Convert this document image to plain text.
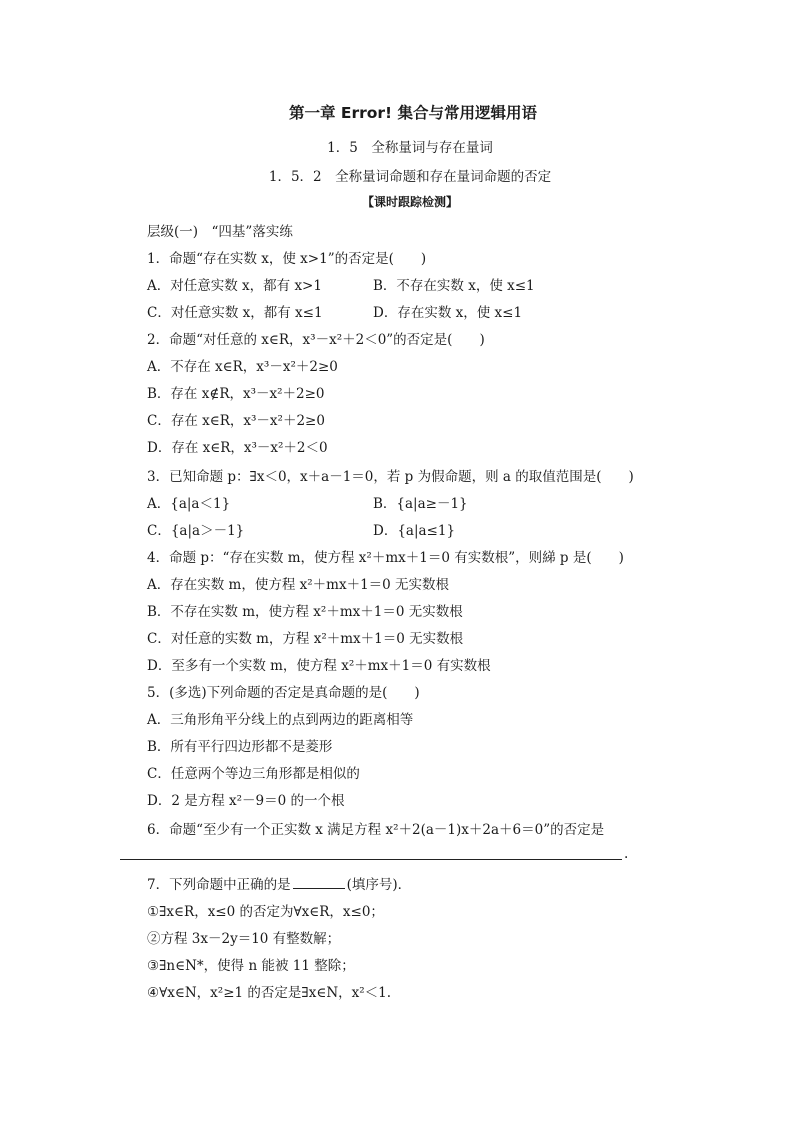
第一章 Error! 集合与常用逻辑用语
1．5　全称量词与存在量词
1．5．2　全称量词命题和存在量词命题的否定
【课时跟踪检测】
层级(一)　“四基”落实练
1．命题“存在实数 x，使 x>1”的否定是(　　)
A．对任意实数 x，都有 x>1	B．不存在实数 x，使 x≤1
C．对任意实数 x，都有 x≤1	D．存在实数 x，使 x≤1
2．命题“对任意的 x∈R，x³－x²＋2＜0”的否定是(　　)
A．不存在 x∈R，x³－x²＋2≥0
B．存在 x∉R，x³－x²＋2≥0
C．存在 x∈R，x³－x²＋2≥0
D．存在 x∈R，x³－x²＋2＜0
3．已知命题 p：∃x＜0，x＋a－1＝0，若 p 为假命题，则 a 的取值范围是(　　)
A．{a|a＜1}	B．{a|a≥－1}
C．{a|a＞－1}	D．{a|a≤1}
4．命题 p：“存在实数 m，使方程 x²＋mx＋1＝0 有实数根”，则綈 p 是(　　)
A．存在实数 m，使方程 x²＋mx＋1＝0 无实数根
B．不存在实数 m，使方程 x²＋mx＋1＝0 无实数根
C．对任意的实数 m，方程 x²＋mx＋1＝0 无实数根
D．至多有一个实数 m，使方程 x²＋mx＋1＝0 有实数根
5．(多选)下列命题的否定是真命题的是(　　)
A．三角形角平分线上的点到两边的距离相等
B．所有平行四边形都不是菱形
C．任意两个等边三角形都是相似的
D．2 是方程 x²－9＝0 的一个根
6．命题“至少有一个正实数 x 满足方程 x²＋2(a－1)x＋2a＋6＝0”的否定是
.
7．下列命题中正确的是	(填序号)．
①∃x∈R，x≤0 的否定为∀x∈R，x≤0；
②方程 3x－2y＝10 有整数解；
③∃n∈N*，使得 n 能被 11 整除；
④∀x∈N，x²≥1 的否定是∃x∈N，x²＜1.
